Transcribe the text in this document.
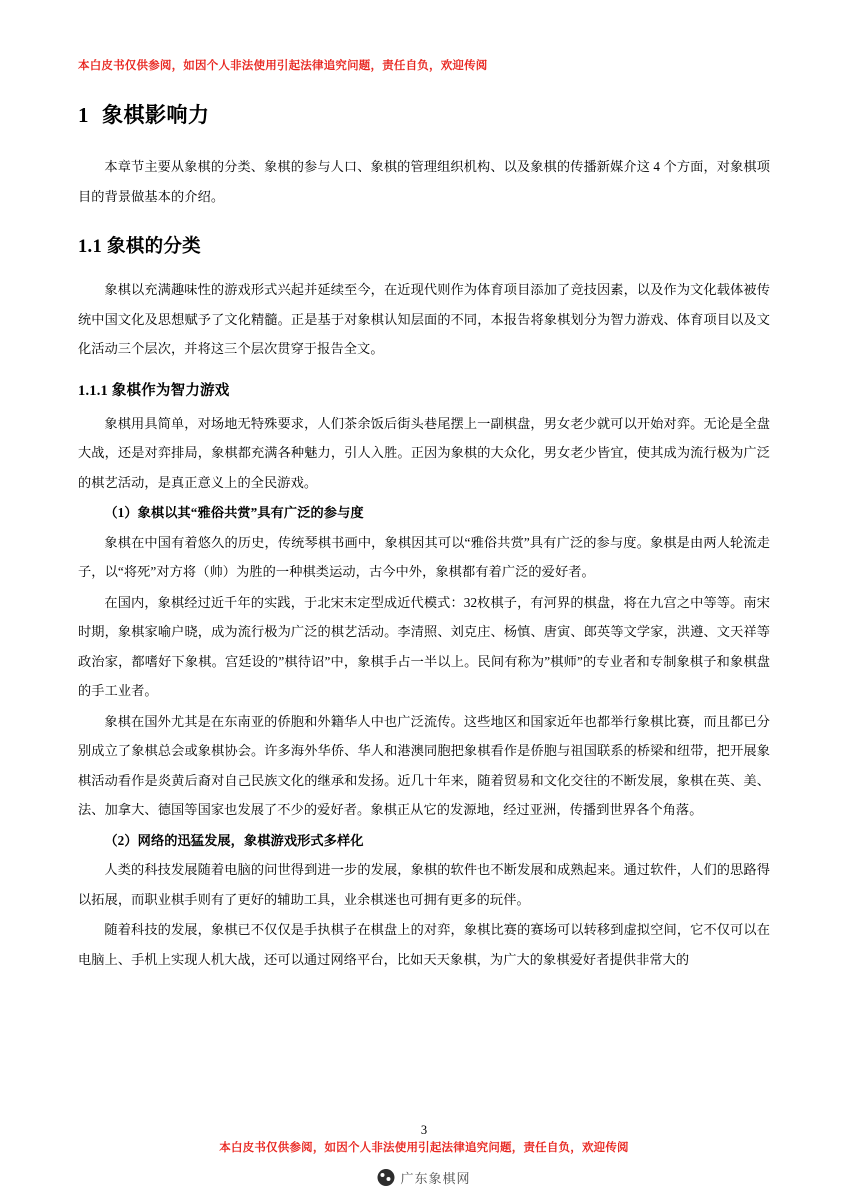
本白皮书仅供参阅，如因个人非法使用引起法律追究问题，责任自负，欢迎传阅
1 象棋影响力

本章节主要从象棋的分类、象棋的参与人口、象棋的管理组织机构、以及象棋的传播新媒介这 4 个方面，对象棋项目的背景做基本的介绍。

1.1 象棋的分类

象棋以充满趣味性的游戏形式兴起并延续至今，在近现代则作为体育项目添加了竞技因素，以及作为文化载体被传统中国文化及思想赋予了文化精髓。正是基于对象棋认知层面的不同，本报告将象棋划分为智力游戏、体育项目以及文化活动三个层次，并将这三个层次贯穿于报告全文。

1.1.1 象棋作为智力游戏

象棋用具简单，对场地无特殊要求，人们茶余饭后街头巷尾摆上一副棋盘，男女老少就可以开始对弈。无论是全盘大战，还是对弈排局，象棋都充满各种魅力，引人入胜。正因为象棋的大众化，男女老少皆宜，使其成为流行极为广泛的棋艺活动，是真正意义上的全民游戏。

（1）象棋以其“雅俗共赏”具有广泛的参与度

象棋在中国有着悠久的历史，传统琴棋书画中，象棋因其可以“雅俗共赏”具有广泛的参与度。象棋是由两人轮流走子，以“将死”对方将（帅）为胜的一种棋类运动，古今中外，象棋都有着广泛的爱好者。

在国内，象棋经过近千年的实践，于北宋末定型成近代模式：32枚棋子，有河界的棋盘，将在九宫之中等等。南宋时期，象棋家喻户晓，成为流行极为广泛的棋艺活动。李清照、刘克庄、杨慎、唐寅、郎英等文学家，洪遵、文天祥等政治家，都嗜好下象棋。宫廷设的”棋待诏”中，象棋手占一半以上。民间有称为”棋师”的专业者和专制象棋子和象棋盘的手工业者。

象棋在国外尤其是在东南亚的侨胞和外籍华人中也广泛流传。这些地区和国家近年也都举行象棋比赛，而且都已分别成立了象棋总会或象棋协会。许多海外华侨、华人和港澳同胞把象棋看作是侨胞与祖国联系的桥梁和纽带，把开展象棋活动看作是炎黄后裔对自己民族文化的继承和发扬。近几十年来，随着贸易和文化交往的不断发展，象棋在英、美、法、加拿大、德国等国家也发展了不少的爱好者。象棋正从它的发源地，经过亚洲，传播到世界各个角落。

（2）网络的迅猛发展，象棋游戏形式多样化

人类的科技发展随着电脑的问世得到进一步的发展，象棋的软件也不断发展和成熟起来。通过软件，人们的思路得以拓展，而职业棋手则有了更好的辅助工具，业余棋迷也可拥有更多的玩伴。

随着科技的发展，象棋已不仅仅是手执棋子在棋盘上的对弈，象棋比赛的赛场可以转移到虚拟空间，它不仅可以在电脑上、手机上实现人机大战，还可以通过网络平台，比如天天象棋，为广大的象棋爱好者提供非常大的

3
本白皮书仅供参阅，如因个人非法使用引起法律追究问题，责任自负，欢迎传阅
广东象棋网
